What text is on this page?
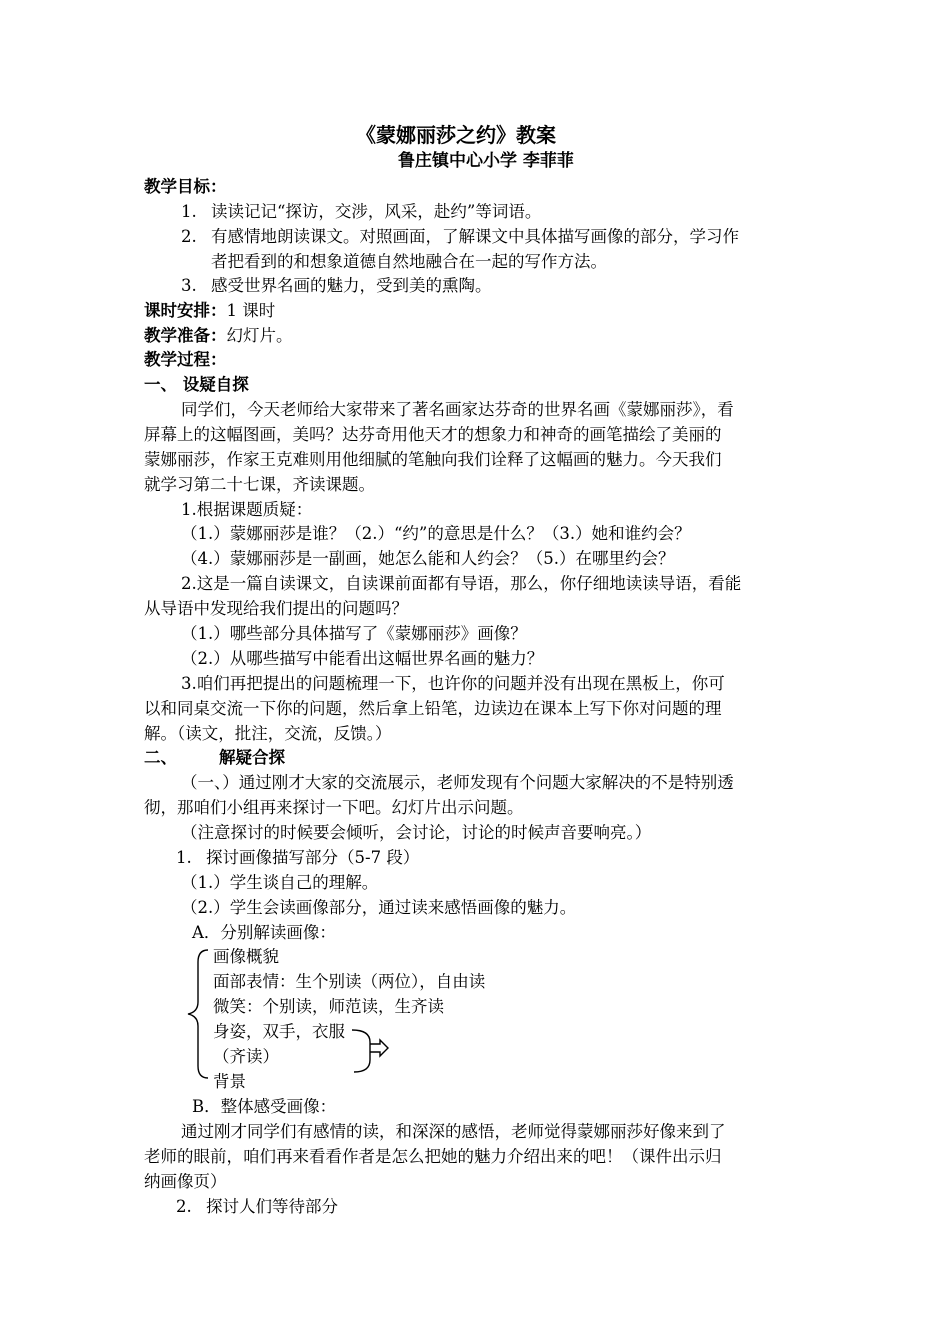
《蒙娜丽莎之约》教案
鲁庄镇中心小学 李菲菲
教学目标：
1. 读读记记“探访，交涉，风采，赴约”等词语。
2. 有感情地朗读课文。对照画面，了解课文中具体描写画像的部分，学习作
者把看到的和想象道德自然地融合在一起的写作方法。
3. 感受世界名画的魅力，受到美的熏陶。
课时安排：1 课时
教学准备：幻灯片。
教学过程：
一、 设疑自探
同学们，今天老师给大家带来了著名画家达芬奇的世界名画《蒙娜丽莎》，看
屏幕上的这幅图画，美吗？达芬奇用他天才的想象力和神奇的画笔描绘了美丽的
蒙娜丽莎，作家王克难则用他细腻的笔触向我们诠释了这幅画的魅力。今天我们
就学习第二十七课，齐读课题。
1.根据课题质疑：
（1.）蒙娜丽莎是谁？（2.）“约”的意思是什么？（3.）她和谁约会？
（4.）蒙娜丽莎是一副画，她怎么能和人约会？（5.）在哪里约会？
2.这是一篇自读课文，自读课前面都有导语，那么，你仔细地读读导语，看能
从导语中发现给我们提出的问题吗？
（1.）哪些部分具体描写了《蒙娜丽莎》画像？
（2.）从哪些描写中能看出这幅世界名画的魅力？
3.咱们再把提出的问题梳理一下，也许你的问题并没有出现在黑板上，你可
以和同桌交流一下你的问题，然后拿上铅笔，边读边在课本上写下你对问题的理
解。（读文，批注，交流，反馈。）
二、	解疑合探
（一、）通过刚才大家的交流展示，老师发现有个问题大家解决的不是特别透
彻，那咱们小组再来探讨一下吧。幻灯片出示问题。
（注意探讨的时候要会倾听，会讨论，讨论的时候声音要响亮。）
1. 探讨画像描写部分（5-7 段）
（1.）学生谈自己的理解。
（2.）学生会读画像部分，通过读来感悟画像的魅力。
A．分别解读画像：
画像概貌
面部表情：生个别读（两位），自由读
微笑：个别读，师范读，生齐读
身姿，双手，衣服
（齐读）
背景
B．整体感受画像：
通过刚才同学们有感情的读，和深深的感悟，老师觉得蒙娜丽莎好像来到了
老师的眼前，咱们再来看看作者是怎么把她的魅力介绍出来的吧！（课件出示归
纳画像页）
2. 探讨人们等待部分
